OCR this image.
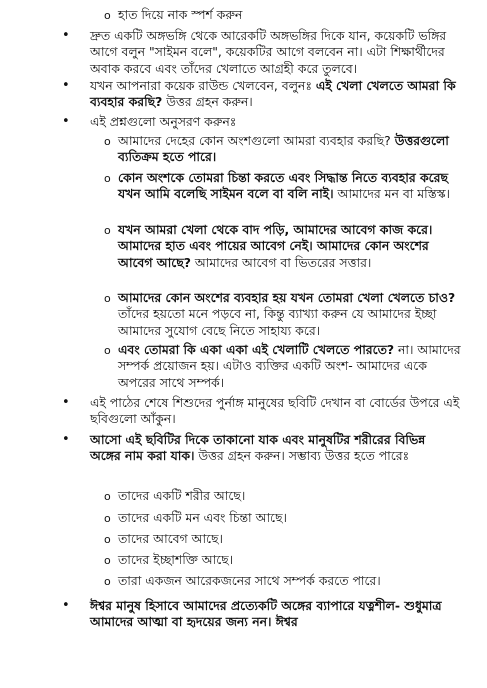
o হাত দিয়ে নাক স্পর্শ করুন
• দ্রুত একটি অঙ্গভঙ্গি থেকে আরেকটি অঙ্গভঙ্গির দিকে যান, কয়েকটি ভঙ্গির আগে বলুন "সাইমন বলে", কয়েকটির আগে বলবেন না। এটা শিক্ষার্থীদের অবাক করবে এবং তাঁদের খেলাতে আগ্রহী করে তুলবে।
• যখন আপনারা কয়েক রাউন্ড খেলবেন, বলুনঃ এই খেলা খেলতে আমরা কি ব্যবহার করছি? উত্তর গ্রহন করুন।
• এই প্রশ্নগুলো অনুসরণ করুনঃ
o আমাদের দেহের কোন অংশগুলো আমরা ব্যবহার করছি? উত্তরগুলো ব্যতিক্রম হতে পারে।
o কোন অংশকে তোমরা চিন্তা করতে এবং সিদ্ধান্ত নিতে ব্যবহার করেছ যখন আমি বলেছি সাইমন বলে বা বলি নাই। আমাদের মন বা মস্তিস্ক।
o যখন আমরা খেলা থেকে বাদ পড়ি, আমাদের আবেগ কাজ করে। আমাদের হাত এবং পায়ের আবেগ নেই। আমাদের কোন অংশের আবেগ আছে? আমাদের আবেগ বা ভিতরের সত্তার।
o আমাদের কোন অংশের ব্যবহার হয় যখন তোমরা খেলা খেলতে চাও? তাঁদের হয়তো মনে পড়বে না, কিন্তু ব্যাখ্যা করুন যে আমাদের ইচ্ছা আমাদের সুযোগ বেছে নিতে সাহায্য করে।
o এবং তোমরা কি একা একা এই খেলাটি খেলতে পারতে? না। আমাদের সম্পর্ক প্রয়োজন হয়। এটাও ব্যক্তির একটি অংশ- আমাদের একে অপরের সাথে সম্পর্ক।
• এই পাঠের শেষে শিশুদের পুর্নাঙ্গ মানুষের ছবিটি দেখান বা বোর্ডের উপরে এই ছবিগুলো আঁকুন।
• আসো এই ছবিটির দিকে তাকানো যাক এবং মানুষটির শরীরের বিভিন্ন অঙ্গের নাম করা যাক। উত্তর গ্রহন করুন। সম্ভাব্য উত্তর হতে পারেঃ
o তাদের একটি শরীর আছে।
o তাদের একটি মন এবং চিন্তা আছে।
o তাদের আবেগ আছে।
o তাদের ইচ্ছাশক্তি আছে।
o তারা একজন আরেকজনের সাথে সম্পর্ক করতে পারে।
• ঈশ্বর মানুষ হিসাবে আমাদের প্রত্যেকটি অঙ্গের ব্যাপারে যত্নশীল- শুধুমাত্র আমাদের আত্মা বা হৃদয়ের জন্য নন। ঈশ্বর
